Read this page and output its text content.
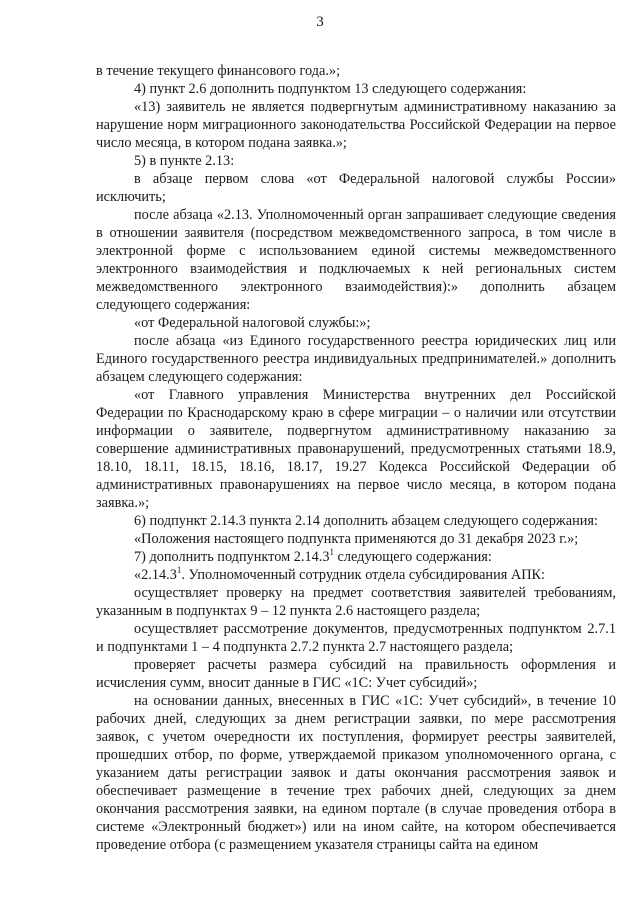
3

в течение текущего финансового года.»;

4) пункт 2.6 дополнить подпунктом 13 следующего содержания:

«13) заявитель не является подвергнутым административному наказанию за нарушение норм миграционного законодательства Российской Федерации на первое число месяца, в котором подана заявка.»;

5) в пункте 2.13:

в абзаце первом слова «от Федеральной налоговой службы России» исключить;

после абзаца «2.13. Уполномоченный орган запрашивает следующие сведения в отношении заявителя (посредством межведомственного запроса, в том числе в электронной форме с использованием единой системы межведомственного электронного взаимодействия и подключаемых к ней региональных систем межведомственного электронного взаимодействия):» дополнить абзацем следующего содержания:

«от Федеральной налоговой службы:»;

после абзаца «из Единого государственного реестра юридических лиц или Единого государственного реестра индивидуальных предпринимателей.» дополнить абзацем следующего содержания:

«от Главного управления Министерства внутренних дел Российской Федерации по Краснодарскому краю в сфере миграции – о наличии или отсутствии информации о заявителе, подвергнутом административному наказанию за совершение административных правонарушений, предусмотренных статьями 18.9, 18.10, 18.11, 18.15, 18.16, 18.17, 19.27 Кодекса Российской Федерации об административных правонарушениях на первое число месяца, в котором подана заявка.»;

6) подпункт 2.14.3 пункта 2.14 дополнить абзацем следующего содержания:

«Положения настоящего подпункта применяются до 31 декабря 2023 г.»;

7) дополнить подпунктом 2.14.3$^1$ следующего содержания:

«2.14.3$^1$. Уполномоченный сотрудник отдела субсидирования АПК:

осуществляет проверку на предмет соответствия заявителей требованиям, указанным в подпунктах 9 – 12 пункта 2.6 настоящего раздела;

осуществляет рассмотрение документов, предусмотренных подпунктом 2.7.1 и подпунктами 1 – 4 подпункта 2.7.2 пункта 2.7 настоящего раздела;

проверяет расчеты размера субсидий на правильность оформления и исчисления сумм, вносит данные в ГИС «1С: Учет субсидий»;

на основании данных, внесенных в ГИС «1С: Учет субсидий», в течение 10 рабочих дней, следующих за днем регистрации заявки, по мере рассмотрения заявок, с учетом очередности их поступления, формирует реестры заявителей, прошедших отбор, по форме, утверждаемой приказом уполномоченного органа, с указанием даты регистрации заявок и даты окончания рассмотрения заявок и обеспечивает размещение в течение трех рабочих дней, следующих за днем окончания рассмотрения заявки, на едином портале (в случае проведения отбора в системе «Электронный бюджет») или на ином сайте, на котором обеспечивается проведение отбора (с размещением указателя страницы сайта на едином
